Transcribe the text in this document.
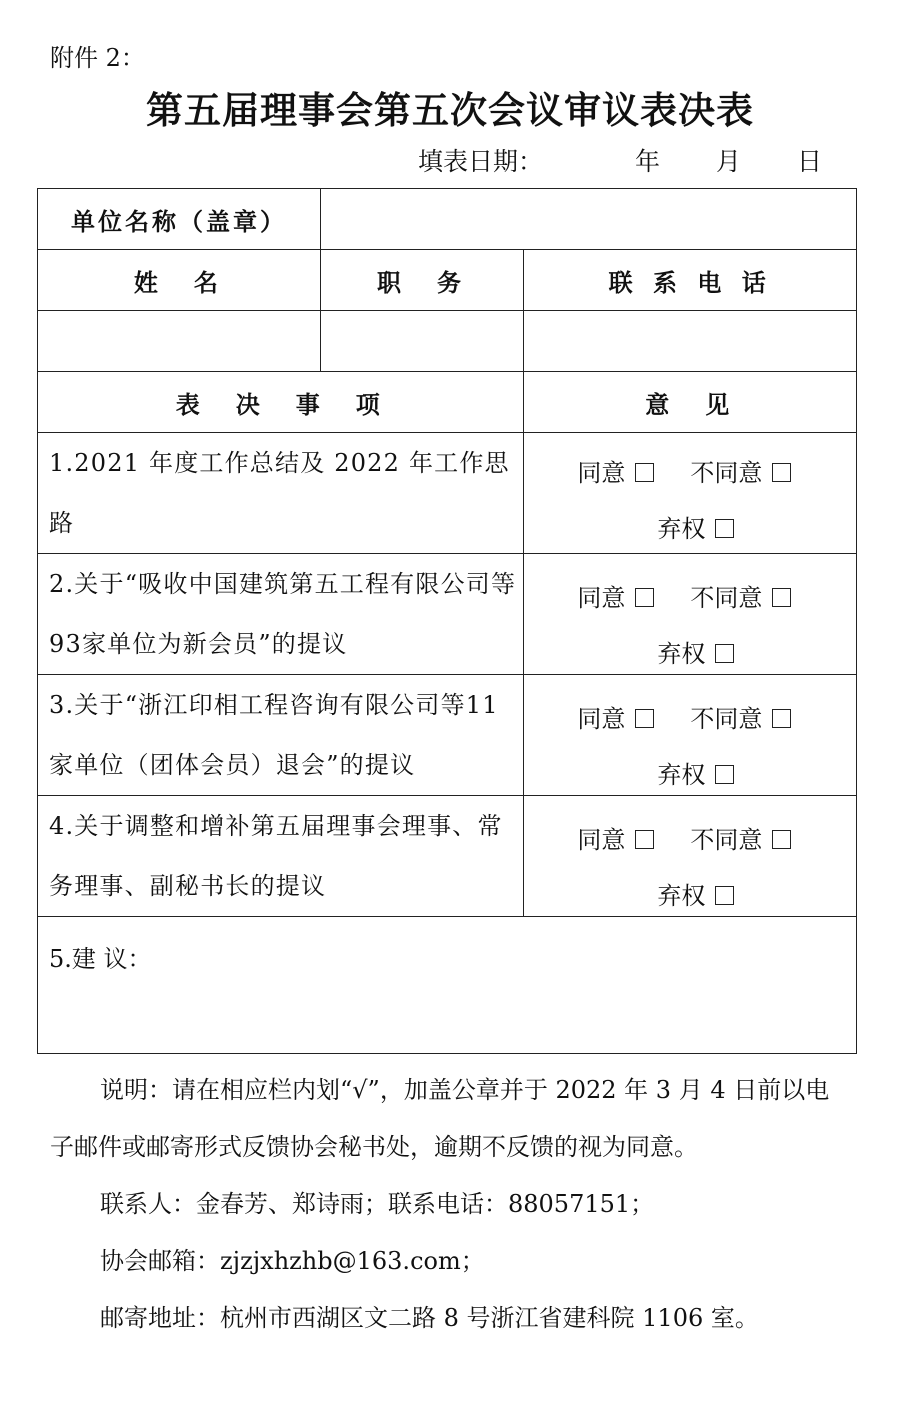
附件 2：
第五届理事会第五次会议审议表决表
填表日期：	年 月 日
单位名称（盖章）		
姓　名	职　务	联 系 电 话

表　决　事　项		意　见
1.2021 年度工作总结及 2022 年工作思路		同意 不同意
弃权

2.关于“吸收中国建筑第五工程有限公司等93家单位为新会员”的提议		同意 不同意
弃权

3.关于“浙江印相工程咨询有限公司等11家单位（团体会员）退会”的提议		同意 不同意
弃权

4.关于调整和增补第五届理事会理事、常务理事、副秘书长的提议		同意 不同意
弃权

5.建 议：		

说明：请在相应栏内划“√”，加盖公章并于 2022 年 3 月 4 日前以电子邮件或邮寄形式反馈协会秘书处，逾期不反馈的视为同意。

联系人：金春芳、郑诗雨；联系电话：88057151；

协会邮箱：zjzjxhzhb@163.com；

邮寄地址：杭州市西湖区文二路 8 号浙江省建科院 1106 室。
